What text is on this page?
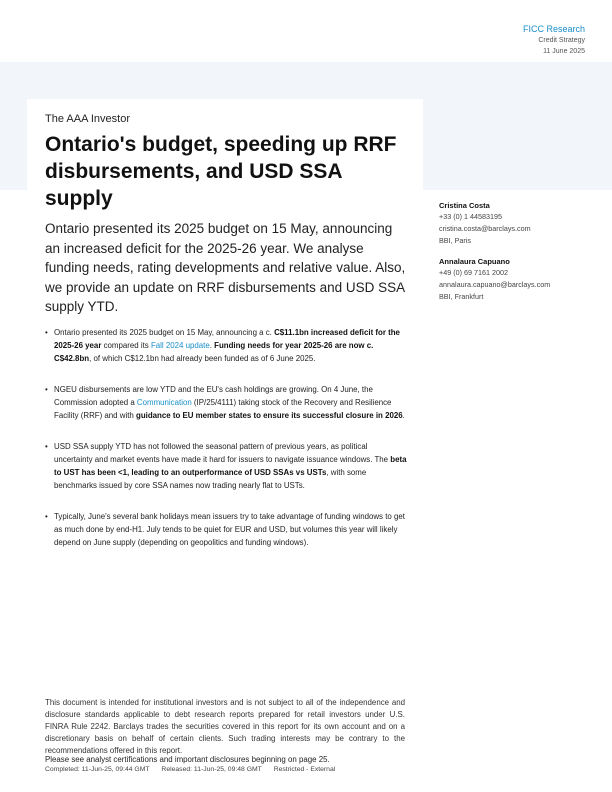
FICC Research
Credit Strategy
11 June 2025
The AAA Investor
Ontario's budget, speeding up RRF disbursements, and USD SSA supply

Ontario presented its 2025 budget on 15 May, announcing an increased deficit for the 2025-26 year. We analyse funding needs, rating developments and relative value. Also, we provide an update on RRF disbursements and USD SSA supply YTD.

• Ontario presented its 2025 budget on 15 May, announcing a c. C$11.1bn increased deficit for the 2025-26 year compared its Fall 2024 update. Funding needs for year 2025-26 are now c. C$42.8bn, of which C$12.1bn had already been funded as of 6 June 2025.
• NGEU disbursements are low YTD and the EU's cash holdings are growing. On 4 June, the Commission adopted a Communication (IP/25/4111) taking stock of the Recovery and Resilience Facility (RRF) and with guidance to EU member states to ensure its successful closure in 2026.
• USD SSA supply YTD has not followed the seasonal pattern of previous years, as political uncertainty and market events have made it hard for issuers to navigate issuance windows. The beta to UST has been <1, leading to an outperformance of USD SSAs vs USTs, with some benchmarks issued by core SSA names now trading nearly flat to USTs.
• Typically, June's several bank holidays mean issuers try to take advantage of funding windows to get as much done by end-H1. July tends to be quiet for EUR and USD, but volumes this year will likely depend on June supply (depending on geopolitics and funding windows).
Cristina Costa
+33 (0) 1 44583195
cristina.costa@barclays.com
BBI, Paris
Annalaura Capuano
+49 (0) 69 7161 2002
annalaura.capuano@barclays.com
BBI, Frankfurt

This document is intended for institutional investors and is not subject to all of the independence and disclosure standards applicable to debt research reports prepared for retail investors under U.S. FINRA Rule 2242. Barclays trades the securities covered in this report for its own account and on a discretionary basis on behalf of certain clients. Such trading interests may be contrary to the recommendations offered in this report.

Please see analyst certifications and important disclosures beginning on page 25.
Completed: 11-Jun-25, 09:44 GMT Released: 11-Jun-25, 09:48 GMT Restricted - External
